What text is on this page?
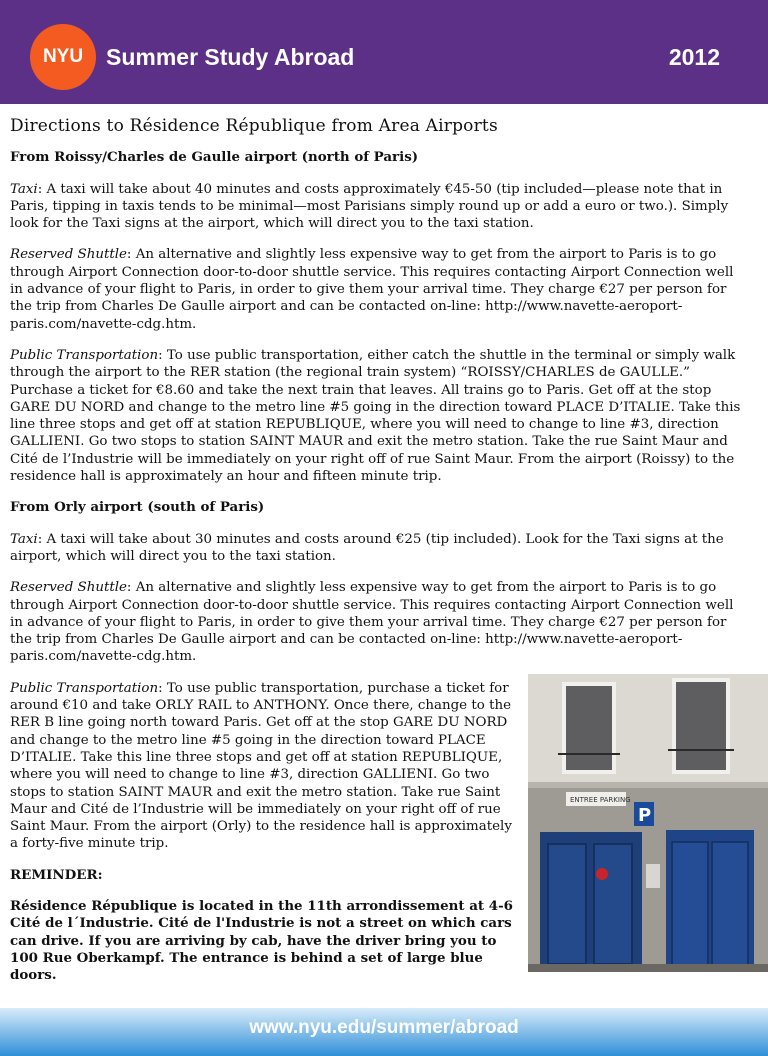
NYU Summer Study Abroad	2012
Directions to Résidence République from Area Airports
From Roissy/Charles de Gaulle airport (north of Paris)

Taxi: A taxi will take about 40 minutes and costs approximately €45-50 (tip included—please note that in Paris, tipping in taxis tends to be minimal—most Parisians simply round up or add a euro or two.). Simply look for the Taxi signs at the airport, which will direct you to the taxi station.

Reserved Shuttle: An alternative and slightly less expensive way to get from the airport to Paris is to go through Airport Connection door-to-door shuttle service. This requires contacting Airport Connection well in advance of your flight to Paris, in order to give them your arrival time. They charge €27 per person for the trip from Charles De Gaulle airport and can be contacted on-line: http://www.navette-aeroport-paris.com/navette-cdg.htm.

Public Transportation: To use public transportation, either catch the shuttle in the terminal or simply walk through the airport to the RER station (the regional train system) “ROISSY/CHARLES de GAULLE.” Purchase a ticket for €8.60 and take the next train that leaves. All trains go to Paris. Get off at the stop GARE DU NORD and change to the metro line #5 going in the direction toward PLACE D’ITALIE. Take this line three stops and get off at station REPUBLIQUE, where you will need to change to line #3, direction GALLIENI. Go two stops to station SAINT MAUR and exit the metro station. Take the rue Saint Maur and Cité de l’Industrie will be immediately on your right off of rue Saint Maur. From the airport (Roissy) to the residence hall is approximately an hour and fifteen minute trip.

From Orly airport (south of Paris)

Taxi: A taxi will take about 30 minutes and costs around €25 (tip included). Look for the Taxi signs at the airport, which will direct you to the taxi station.

Reserved Shuttle: An alternative and slightly less expensive way to get from the airport to Paris is to go through Airport Connection door-to-door shuttle service. This requires contacting Airport Connection well in advance of your flight to Paris, in order to give them your arrival time. They charge €27 per person for the trip from Charles De Gaulle airport and can be contacted on-line: http://www.navette-aeroport-paris.com/navette-cdg.htm.

ENTREE PARKING
P

Public Transportation: To use public transportation, purchase a ticket for around €10 and take ORLY RAIL to ANTHONY. Once there, change to the RER B line going north toward Paris. Get off at the stop GARE DU NORD and change to the metro line #5 going in the direction toward PLACE D’ITALIE. Take this line three stops and get off at station REPUBLIQUE, where you will need to change to line #3, direction GALLIENI. Go two stops to station SAINT MAUR and exit the metro station. Take rue Saint Maur and Cité de l’Industrie will be immediately on your right off of rue Saint Maur. From the airport (Orly) to the residence hall is approximately a forty-five minute trip.

REMINDER:

Résidence République is located in the 11th arrondissement at 4-6 Cité de l´Industrie. Cité de l'Industrie is not a street on which cars can drive. If you are arriving by cab, have the driver bring you to 100 Rue Oberkampf. The entrance is behind a set of large blue doors.

www.nyu.edu/summer/abroad
